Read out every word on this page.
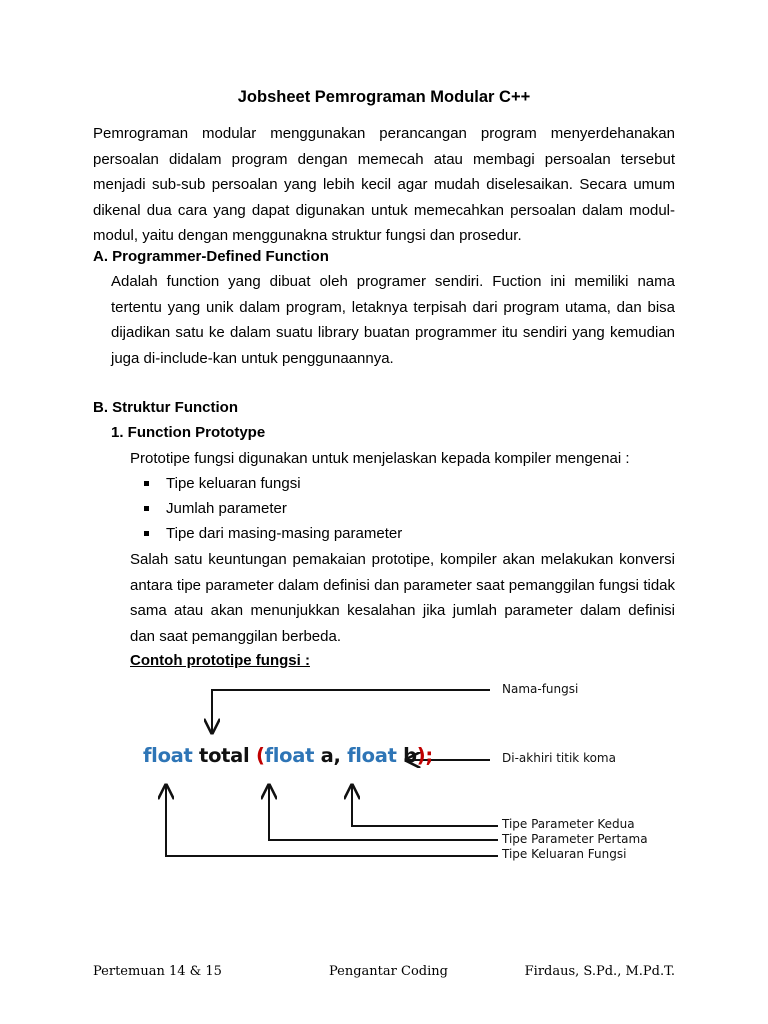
Jobsheet Pemrograman Modular C++
Pemrograman modular menggunakan perancangan program menyerdehanakan persoalan didalam program dengan memecah atau membagi persoalan tersebut menjadi sub-sub persoalan yang lebih kecil agar mudah diselesaikan. Secara umum dikenal dua cara yang dapat digunakan untuk memecahkan persoalan dalam modul-modul, yaitu dengan menggunakna struktur fungsi dan prosedur.
A. Programmer-Defined Function
Adalah function yang dibuat oleh programer sendiri. Fuction ini memiliki nama tertentu yang unik dalam program, letaknya terpisah dari program utama, dan bisa dijadikan satu ke dalam suatu library buatan programmer itu sendiri yang kemudian juga di-include-kan untuk penggunaannya.
B. Struktur Function
1. Function Prototype
Prototipe fungsi digunakan untuk menjelaskan kepada kompiler mengenai :
Tipe keluaran fungsi
Jumlah parameter
Tipe dari masing-masing parameter
Salah satu keuntungan pemakaian prototipe, kompiler akan melakukan konversi antara tipe parameter dalam definisi dan parameter saat pemanggilan fungsi tidak sama atau akan menunjukkan kesalahan jika jumlah parameter dalam definisi dan saat pemanggilan berbeda.
Contoh prototipe fungsi :
float total (float a, float b);
Nama-fungsi
Di-akhiri titik koma
Tipe Parameter Kedua
Tipe Parameter Pertama
Tipe Keluaran Fungsi
Pertemuan 14 & 15	Pengantar Coding	Firdaus, S.Pd., M.Pd.T.
